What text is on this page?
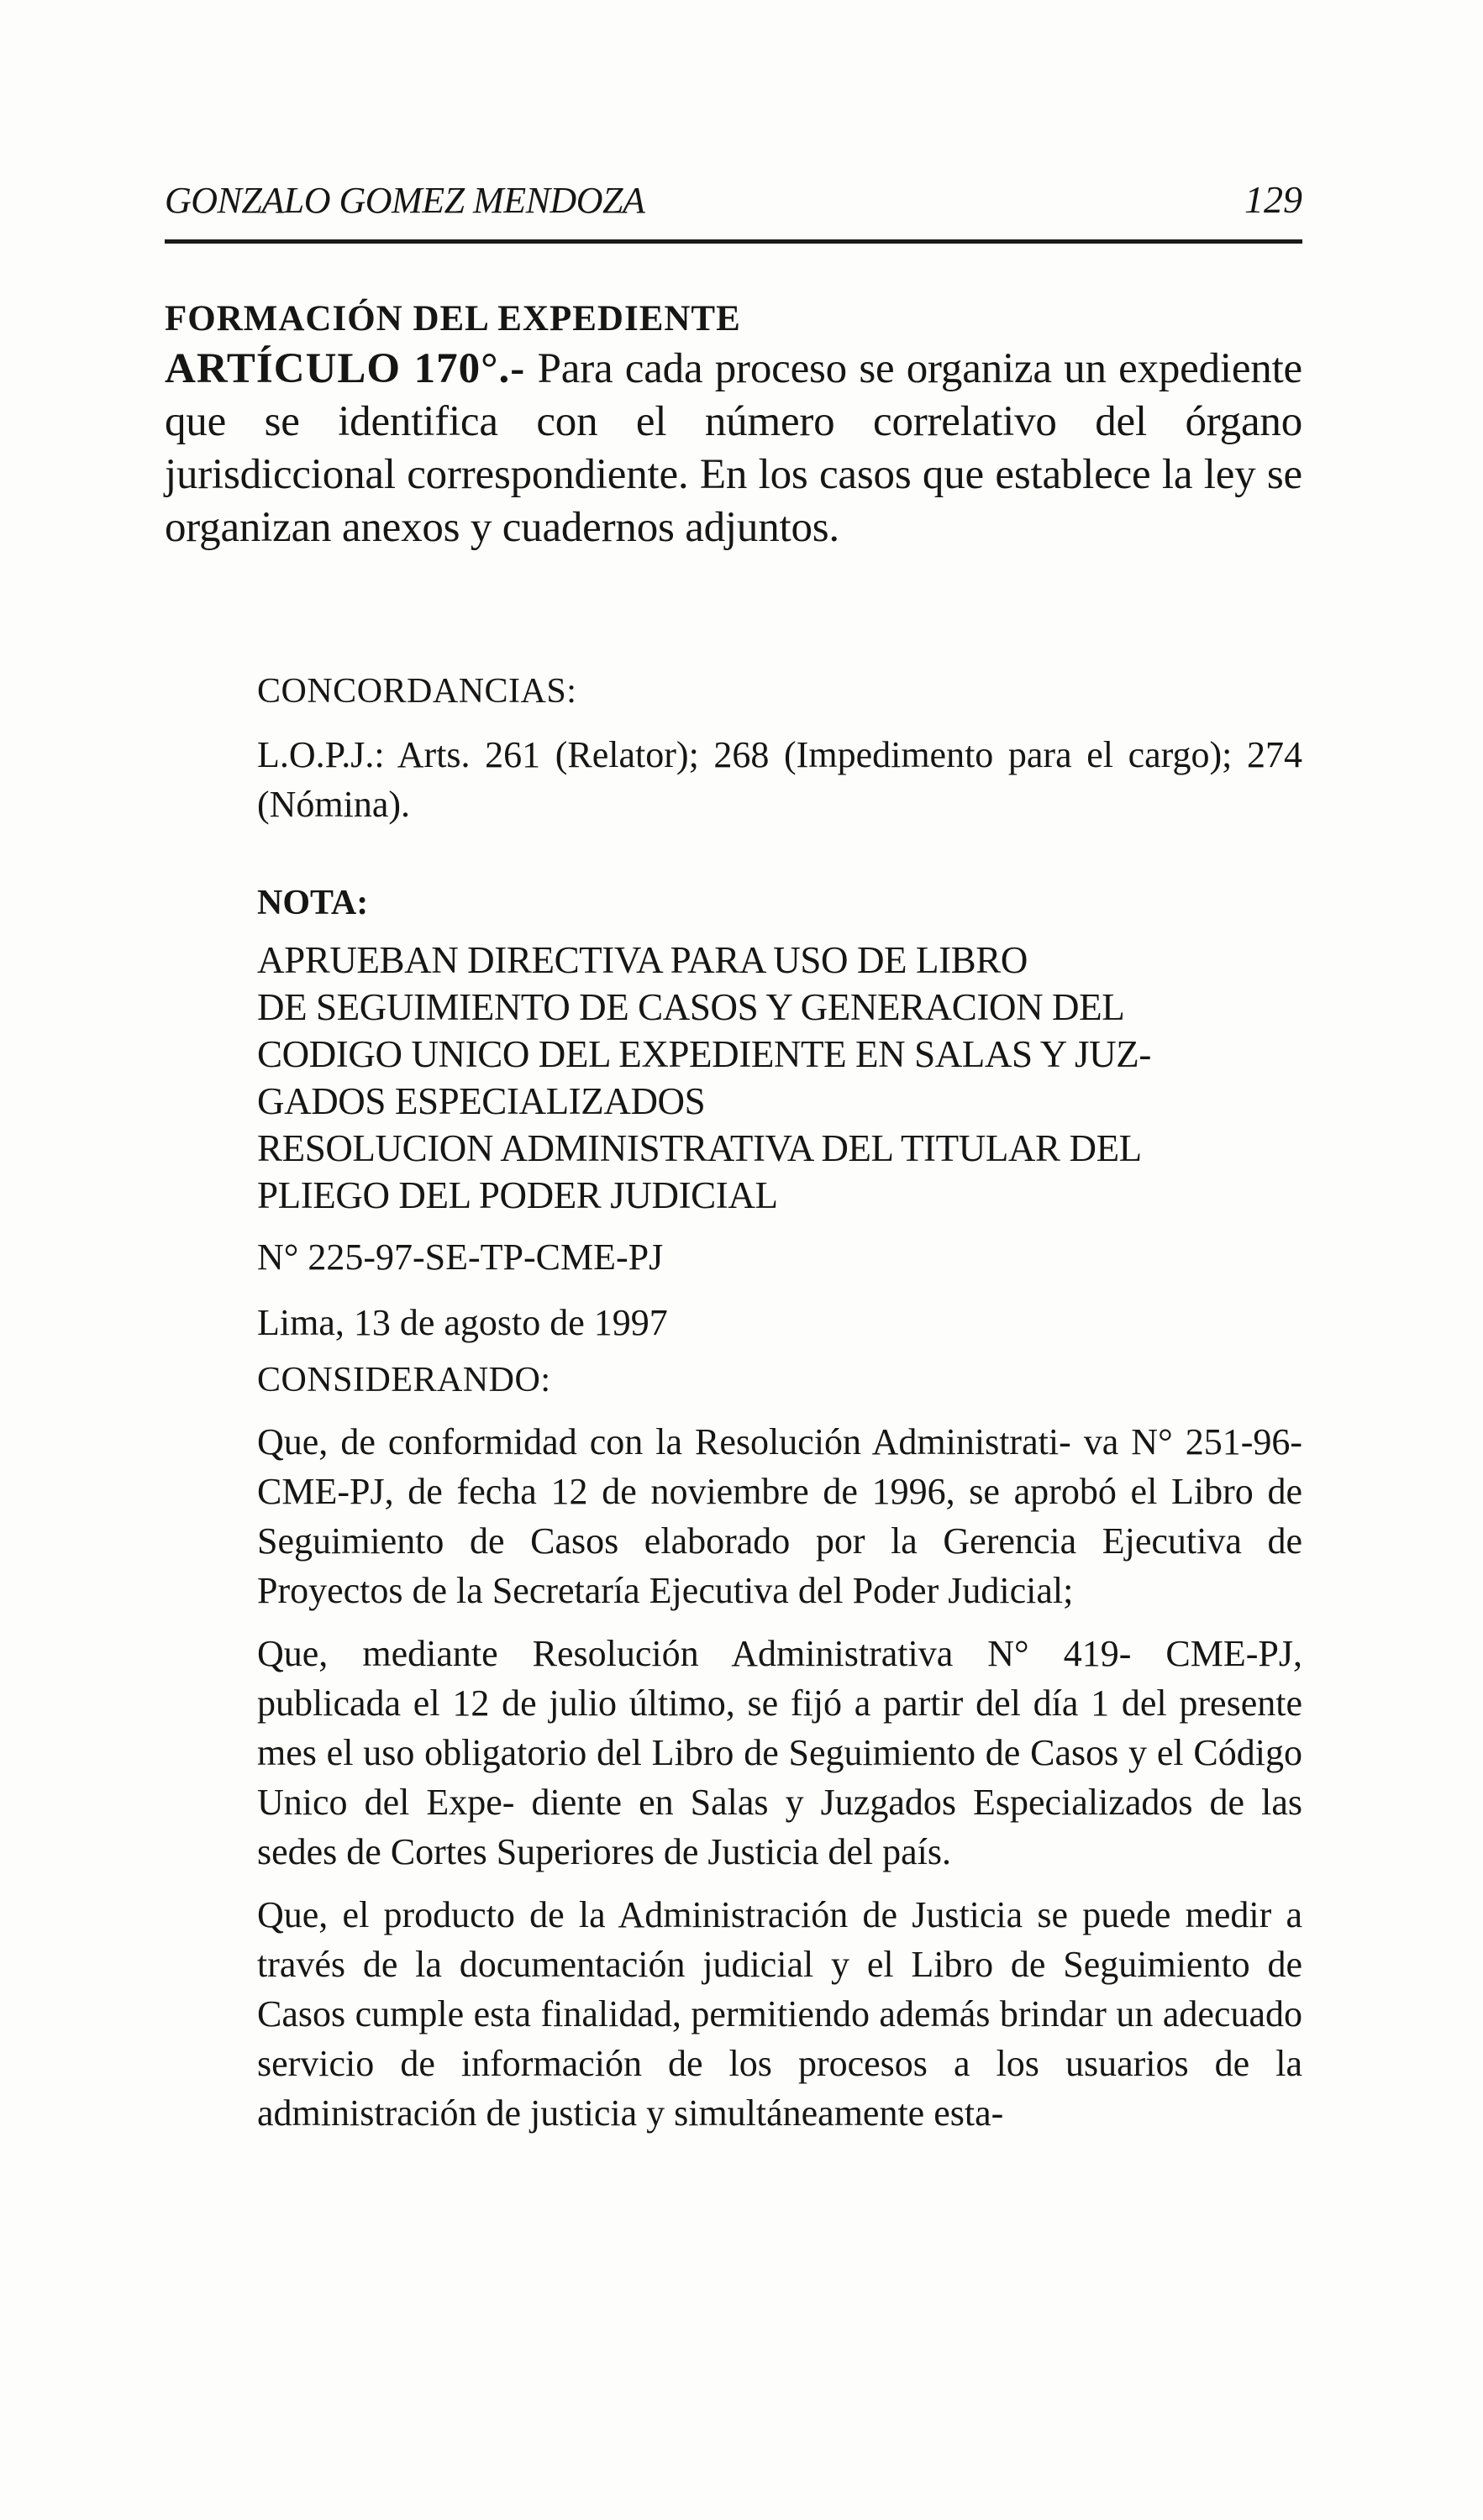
GONZALO GOMEZ MENDOZA	129
FORMACIÓN DEL EXPEDIENTE

ARTÍCULO 170°.- Para cada proceso se organiza un expediente que se identifica con el número correlativo del órgano jurisdiccional correspondiente. En los casos que establece la ley se organizan anexos y cuadernos adjuntos.

CONCORDANCIAS:

L.O.P.J.: Arts. 261 (Relator); 268 (Impedimento para el cargo); 274 (Nómina).

NOTA:

APRUEBAN DIRECTIVA PARA USO DE LIBRO
DE SEGUIMIENTO DE CASOS Y GENERACION DEL
CODIGO UNICO DEL EXPEDIENTE EN SALAS Y JUZ-
GADOS ESPECIALIZADOS
RESOLUCION ADMINISTRATIVA DEL TITULAR DEL
PLIEGO DEL PODER JUDICIAL

N° 225-97-SE-TP-CME-PJ

Lima, 13 de agosto de 1997

CONSIDERANDO:

Que, de conformidad con la Resolución Administrati- va N° 251-96-CME-PJ, de fecha 12 de noviembre de 1996, se aprobó el Libro de Seguimiento de Casos elaborado por la Gerencia Ejecutiva de Proyectos de la Secretaría Ejecutiva del Poder Judicial;

Que, mediante Resolución Administrativa N° 419- CME-PJ, publicada el 12 de julio último, se fijó a partir del día 1 del presente mes el uso obligatorio del Libro de Seguimiento de Casos y el Código Unico del Expe- diente en Salas y Juzgados Especializados de las sedes de Cortes Superiores de Justicia del país.

Que, el producto de la Administración de Justicia se puede medir a través de la documentación judicial y el Libro de Seguimiento de Casos cumple esta finalidad, permitiendo además brindar un adecuado servicio de información de los procesos a los usuarios de la administración de justicia y simultáneamente esta-
